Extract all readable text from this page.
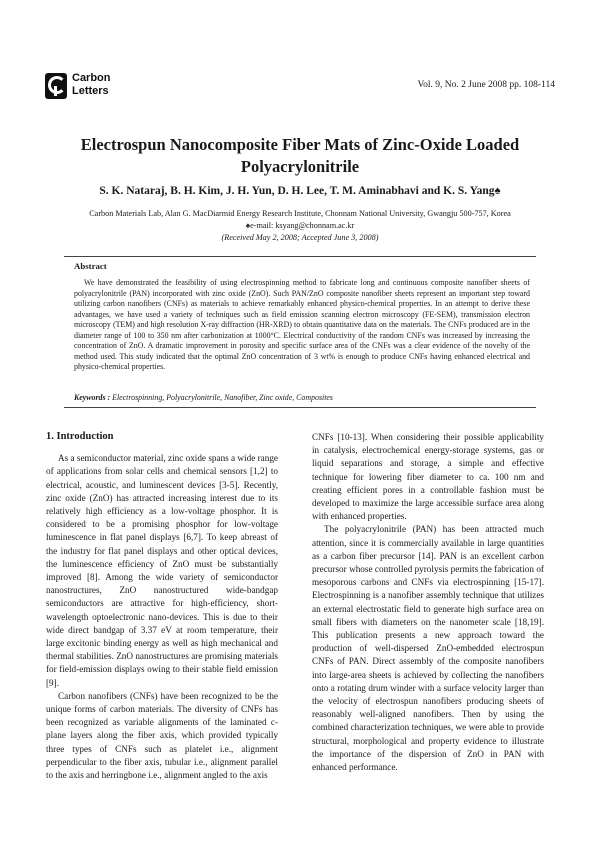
Carbon
Letters	Vol. 9, No. 2 June 2008 pp. 108-114
Electrospun Nanocomposite Fiber Mats of Zinc-Oxide Loaded Polyacrylonitrile
S. K. Nataraj, B. H. Kim, J. H. Yun, D. H. Lee, T. M. Aminabhavi and K. S. Yang♠
Carbon Materials Lab, Alan G. MacDiarmid Energy Research Institute, Chonnam National University, Gwangju 500-757, Korea
♠e-mail: ksyang@chonnam.ac.kr
(Received May 2, 2008; Accepted June 3, 2008)
Abstract
We have demonstrated the feasibility of using electrospinning method to fabricate long and continuous composite nanofiber sheets of polyacrylonitrile (PAN) incorporated with zinc oxide (ZnO). Such PAN/ZnO composite nanofiber sheets represent an important step toward utilizing carbon nanofibers (CNFs) as materials to achieve remarkably enhanced physico-chemical properties. In an attempt to derive these advantages, we have used a variety of techniques such as field emission scanning electron microscopy (FE-SEM), transmission electron microscopy (TEM) and high resolution X-ray diffraction (HR-XRD) to obtain quantitative data on the materials. The CNFs produced are in the diameter range of 100 to 350 nm after carbonization at 1000°C. Electrical conductivity of the random CNFs was increased by increasing the concentration of ZnO. A dramatic improvement in porosity and specific surface area of the CNFs was a clear evidence of the novelty of the method used. This study indicated that the optimal ZnO concentration of 3 wt% is enough to produce CNFs having enhanced electrical and physico-chemical properties.
Keywords : Electrospinning, Polyacrylonitrile, Nanofiber, Zinc oxide, Composites
1. Introduction

As a semiconductor material, zinc oxide spans a wide range of applications from solar cells and chemical sensors [1,2] to electrical, acoustic, and luminescent devices [3-5]. Recently, zinc oxide (ZnO) has attracted increasing interest due to its relatively high efficiency as a low-voltage phosphor. It is considered to be a promising phosphor for low-voltage luminescence in flat panel displays [6,7]. To keep abreast of the industry for flat panel displays and other optical devices, the luminescence efficiency of ZnO must be substantially improved [8]. Among the wide variety of semiconductor nanostructures, ZnO nanostructured wide-bandgap semiconductors are attractive for high-efficiency, short-wavelength optoelectronic nano-devices. This is due to their wide direct bandgap of 3.37 eV at room temperature, their large excitonic binding energy as well as high mechanical and thermal stabilities. ZnO nanostructures are promising materials for field-emission displays owing to their stable field emission [9].

Carbon nanofibers (CNFs) have been recognized to be the unique forms of carbon materials. The diversity of CNFs has been recognized as variable alignments of the laminated c-plane layers along the fiber axis, which provided typically three types of CNFs such as platelet i.e., alignment perpendicular to the fiber axis, tubular i.e., alignment parallel to the axis and herringbone i.e., alignment angled to the axis

CNFs [10-13]. When considering their possible applicability in catalysis, electrochemical energy-storage systems, gas or liquid separations and storage, a simple and effective technique for lowering fiber diameter to ca. 100 nm and creating efficient pores in a controllable fashion must be developed to maximize the large accessible surface area along with enhanced properties.

The polyacrylonitrile (PAN) has been attracted much attention, since it is commercially available in large quantities as a carbon fiber precursor [14]. PAN is an excellent carbon precursor whose controlled pyrolysis permits the fabrication of mesoporous carbons and CNFs via electrospinning [15-17]. Electrospinning is a nanofiber assembly technique that utilizes an external electrostatic field to generate high surface area on small fibers with diameters on the nanometer scale [18,19]. This publication presents a new approach toward the production of well-dispersed ZnO-embedded electrospun CNFs of PAN. Direct assembly of the composite nanofibers into large-area sheets is achieved by collecting the nanofibers onto a rotating drum winder with a surface velocity larger than the velocity of electrospun nanofibers producing sheets of reasonably well-aligned nanofibers. Then by using the combined characterization techniques, we were able to provide structural, morphological and property evidence to illustrate the importance of the dispersion of ZnO in PAN with enhanced performance.
